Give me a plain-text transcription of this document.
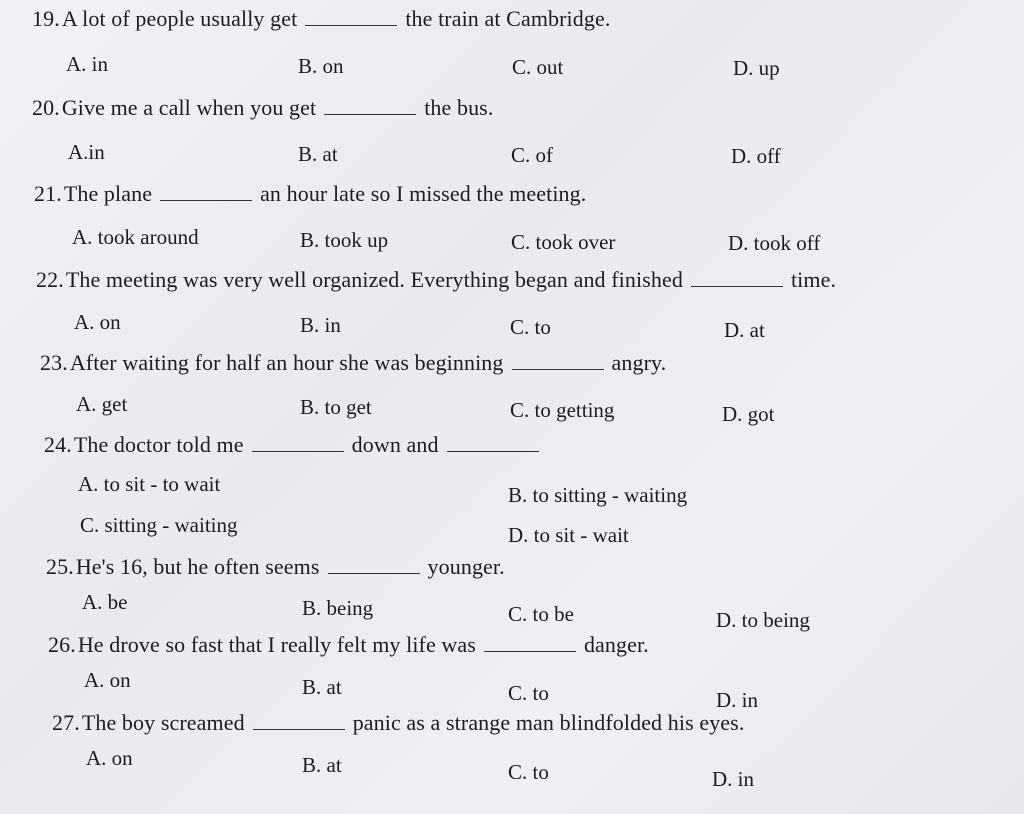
19.A lot of people usually get	the train at Cambridge.
A. in	B. on	C. out	D. up
20.Give me a call when you get	the bus.
A.in	B. at	C. of	D. off
21.The plane	an hour late so I missed the meeting.
A. took around	B. took up	C. took over	D. took off
22.The meeting was very well organized. Everything began and finished	time.
A. on	B. in	C. to	D. at
23.After waiting for half an hour she was beginning	angry.
A. get	B. to get	C. to getting	D. got
24.The doctor told me	down and
A. to sit - to wait	B. to sitting - waiting
C. sitting - waiting	D. to sit - wait
25.He's 16, but he often seems	younger.
A. be	B. being	C. to be	D. to being
26.He drove so fast that I really felt my life was	danger.
A. on	B. at	C. to	D. in
27.The boy screamed	panic as a strange man blindfolded his eyes.
A. on	B. at	C. to	D. in
